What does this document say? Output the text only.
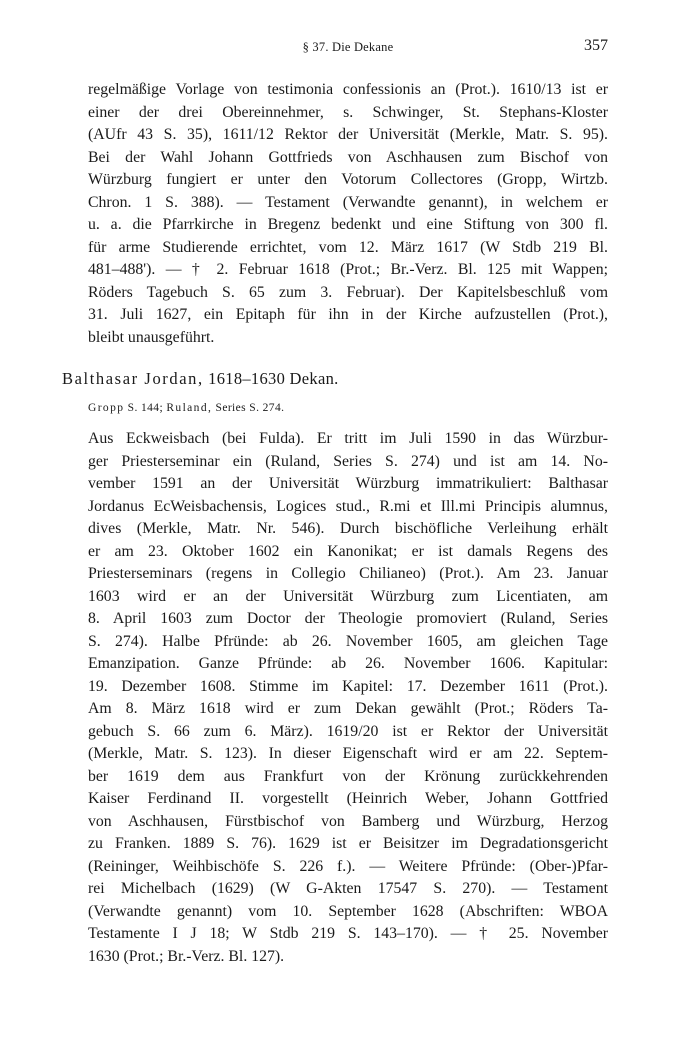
§ 37. Die Dekane	357
regelmäßige Vorlage von testimonia confessionis an (Prot.). 1610/13 ist er
einer der drei Obereinnehmer, s. Schwinger, St. Stephans-Kloster
(AUfr 43 S. 35), 1611/12 Rektor der Universität (Merkle, Matr. S. 95).
Bei der Wahl Johann Gottfrieds von Aschhausen zum Bischof von
Würzburg fungiert er unter den Votorum Collectores (Gropp, Wirtzb.
Chron. 1 S. 388). — Testament (Verwandte genannt), in welchem er
u. a. die Pfarrkirche in Bregenz bedenkt und eine Stiftung von 300 fl.
für arme Studierende errichtet, vom 12. März 1617 (W Stdb 219 Bl.
481–488'). — † 2. Februar 1618 (Prot.; Br.-Verz. Bl. 125 mit Wappen;
Röders Tagebuch S. 65 zum 3. Februar). Der Kapitelsbeschluß vom
31. Juli 1627, ein Epitaph für ihn in der Kirche aufzustellen (Prot.),
bleibt unausgeführt.
Balthasar Jordan, 1618–1630 Dekan.
Gropp S. 144; Ruland, Series S. 274.
Aus Eckweisbach (bei Fulda). Er tritt im Juli 1590 in das Würzbur-
ger Priesterseminar ein (Ruland, Series S. 274) und ist am 14. No-
vember 1591 an der Universität Würzburg immatrikuliert: Balthasar
Jordanus EcWeisbachensis, Logices stud., R.mi et Ill.mi Principis alumnus,
dives (Merkle, Matr. Nr. 546). Durch bischöfliche Verleihung erhält
er am 23. Oktober 1602 ein Kanonikat; er ist damals Regens des
Priesterseminars (regens in Collegio Chilianeo) (Prot.). Am 23. Januar
1603 wird er an der Universität Würzburg zum Licentiaten, am
8. April 1603 zum Doctor der Theologie promoviert (Ruland, Series
S. 274). Halbe Pfründe: ab 26. November 1605, am gleichen Tage
Emanzipation. Ganze Pfründe: ab 26. November 1606. Kapitular:
19. Dezember 1608. Stimme im Kapitel: 17. Dezember 1611 (Prot.).
Am 8. März 1618 wird er zum Dekan gewählt (Prot.; Röders Ta-
gebuch S. 66 zum 6. März). 1619/20 ist er Rektor der Universität
(Merkle, Matr. S. 123). In dieser Eigenschaft wird er am 22. Septem-
ber 1619 dem aus Frankfurt von der Krönung zurückkehrenden
Kaiser Ferdinand II. vorgestellt (Heinrich Weber, Johann Gottfried
von Aschhausen, Fürstbischof von Bamberg und Würzburg, Herzog
zu Franken. 1889 S. 76). 1629 ist er Beisitzer im Degradationsgericht
(Reininger, Weihbischöfe S. 226 f.). — Weitere Pfründe: (Ober-)Pfar-
rei Michelbach (1629) (W G-Akten 17547 S. 270). — Testament
(Verwandte genannt) vom 10. September 1628 (Abschriften: WBOA
Testamente I J 18; W Stdb 219 S. 143–170). — † 25. November
1630 (Prot.; Br.-Verz. Bl. 127).
